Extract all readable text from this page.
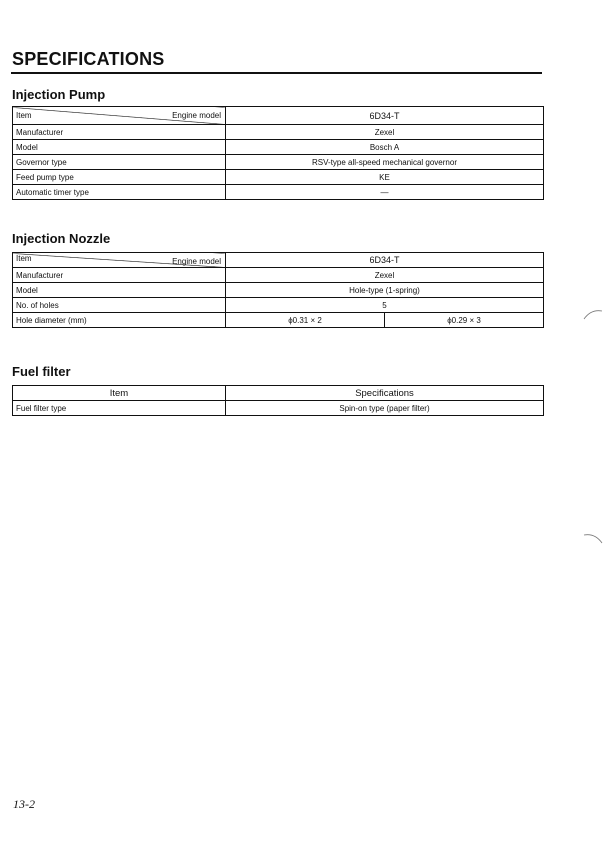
SPECIFICATIONS
Injection Pump
Engine model
Item	6D34-T
Manufacturer	Zexel
Model	Bosch A
Governor type	RSV-type all-speed mechanical governor
Feed pump type	KE
Automatic timer type	—
Injection Nozzle
Engine model
Item	6D34-T	
Manufacturer	Zexel	
Model	Hole-type (1-spring)	
No. of holes	5	
Hole diameter (mm)	ϕ0.31 × 2	ϕ0.29 × 3
Fuel filter
Item	Specifications
Fuel filter type	Spin-on type (paper filter)
13-2
